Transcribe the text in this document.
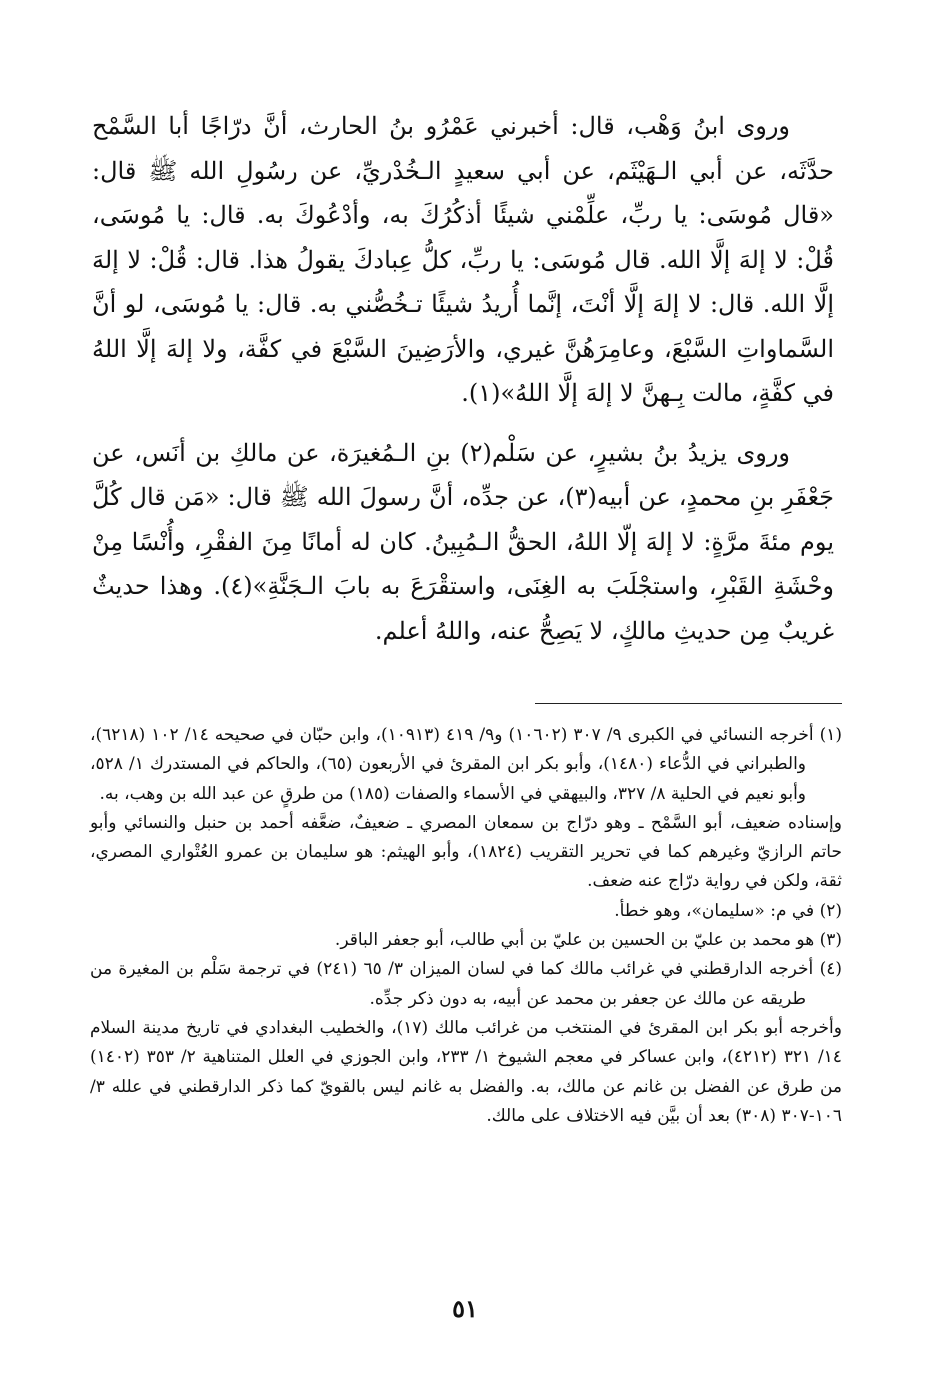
وروى ابنُ وَهْب، قال: أخبرني عَمْرُو بنُ الحارث، أنَّ درّاجًا أبا السَّمْح حدَّثَه، عن أبي الـهَيْثَم، عن أبي سعيدٍ الـخُدْريِّ، عن رسُولِ الله ﷺ قال: «قال مُوسَى: يا ربِّ، علِّمْني شيئًا أذكُرُكَ به، وأدْعُوكَ به. قال: يا مُوسَى، قُلْ: لا إلهَ إلَّا الله. قال مُوسَى: يا ربِّ، كلُّ عِبادكَ يقولُ هذا. قال: قُلْ: لا إلهَ إلَّا الله. قال: لا إلهَ إلَّا أنْتَ، إنَّما أُريدُ شيئًا تـخُصُّني به. قال: يا مُوسَى، لو أنَّ السَّماواتِ السَّبْعَ، وعامِرَهُنَّ غيري، والأرَضِينَ السَّبْعَ في كفَّة، ولا إلهَ إلَّا اللهُ في كفَّةٍ، مالت بِـهنَّ لا إلهَ إلَّا اللهُ»(١).

وروى يزيدُ بنُ بشيرٍ، عن سَلْم(٢) بنِ الـمُغيرَة، عن مالكِ بن أنَس، عن جَعْفَرِ بنِ محمدٍ، عن أبيه(٣)، عن جدِّه، أنَّ رسولَ الله ﷺ قال: «مَن قال كُلَّ يوم مئةَ مرَّةٍ: لا إلهَ إلّا اللهُ، الحقُّ الـمُبِينُ. كان له أمانًا مِنَ الفقْرِ، وأُنْسًا مِنْ وحْشَةِ القَبْرِ، واستجْلَبَ به الغِنَى، واستقْرَعَ به بابَ الـجَنَّةِ»(٤). وهذا حديثٌ غريبٌ مِن حديثِ مالكٍ، لا يَصِحُّ عنه، واللهُ أعلم.

(١) أخرجه النسائي في الكبرى ٩/ ٣٠٧ (١٠٦٠٢) و٩/ ٤١٩ (١٠٩١٣)، وابن حبّان في صحيحه ١٤/ ١٠٢ (٦٢١٨)، والطبراني في الدُّعاء (١٤٨٠)، وأبو بكر ابن المقرئ في الأربعون (٦٥)، والحاكم في المستدرك ١/ ٥٢٨، وأبو نعيم في الحلية ٨/ ٣٢٧، والبيهقي في الأسماء والصفات (١٨٥) من طرقٍ عن عبد الله بن وهب، به.

وإسناده ضعيف، أبو السَّمْح ـ وهو درّاج بن سمعان المصري ـ ضعيفٌ، ضعَّفه أحمد بن حنبل والنسائي وأبو حاتم الرازيّ وغيرهم كما في تحرير التقريب (١٨٢٤)، وأبو الهيثم: هو سليمان بن عمرو العُتْواري المصري، ثقة، ولكن في رواية درّاج عنه ضعف.

(٢) في م: «سليمان»، وهو خطأ.

(٣) هو محمد بن عليّ بن الحسين بن عليّ بن أبي طالب، أبو جعفر الباقر.

(٤) أخرجه الدارقطني في غرائب مالك كما في لسان الميزان ٣/ ٦٥ (٢٤١) في ترجمة سَلْم بن المغيرة من طريقه عن مالك عن جعفر بن محمد عن أبيه، به دون ذكر جدِّه.

وأخرجه أبو بكر ابن المقرئ في المنتخب من غرائب مالك (١٧)، والخطيب البغدادي في تاريخ مدينة السلام ١٤/ ٣٢١ (٤٢١٢)، وابن عساكر في معجم الشيوخ ١/ ٢٣٣، وابن الجوزي في العلل المتناهية ٢/ ٣٥٣ (١٤٠٢) من طرق عن الفضل بن غانم عن مالك، به. والفضل به غانم ليس بالقويّ كما ذكر الدارقطني في علله ٣/ ١٠٦-٣٠٧ (٣٠٨) بعد أن بيَّن فيه الاختلاف على مالك.

٥١
